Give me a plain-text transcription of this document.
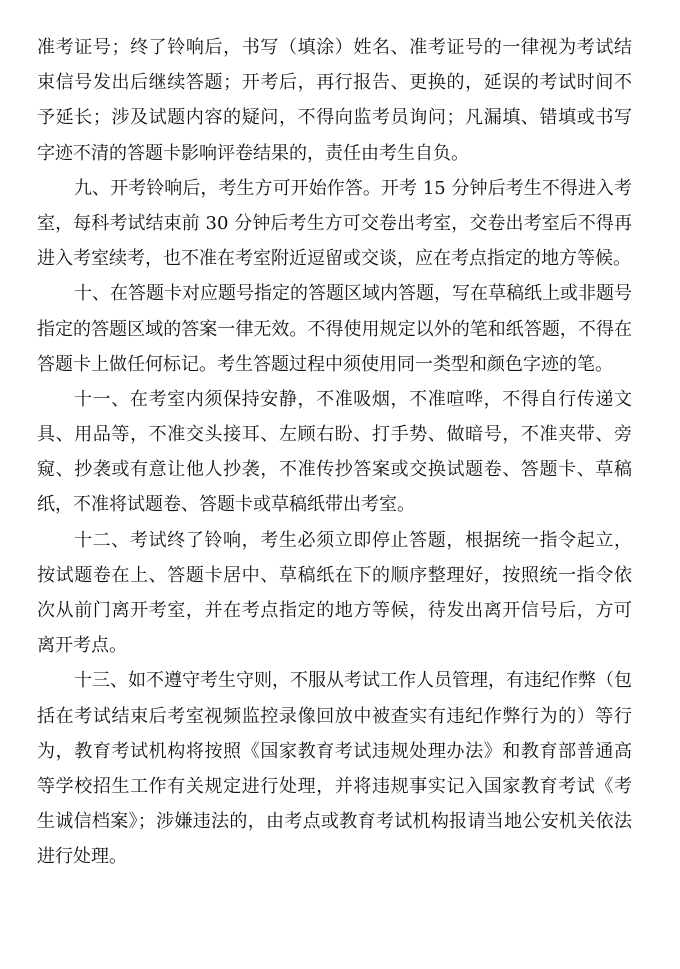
准考证号；终了铃响后，书写（填涂）姓名、准考证号的一律视为考试结
束信号发出后继续答题；开考后，再行报告、更换的，延误的考试时间不
予延长；涉及试题内容的疑问，不得向监考员询问；凡漏填、错填或书写
字迹不清的答题卡影响评卷结果的，责任由考生自负。
九、开考铃响后，考生方可开始作答。开考 15 分钟后考生不得进入考
室，每科考试结束前 30 分钟后考生方可交卷出考室，交卷出考室后不得再
进入考室续考，也不准在考室附近逗留或交谈，应在考点指定的地方等候。
十、在答题卡对应题号指定的答题区域内答题，写在草稿纸上或非题号
指定的答题区域的答案一律无效。不得使用规定以外的笔和纸答题，不得在
答题卡上做任何标记。考生答题过程中须使用同一类型和颜色字迹的笔。
十一、在考室内须保持安静，不准吸烟，不准喧哗，不得自行传递文
具、用品等，不准交头接耳、左顾右盼、打手势、做暗号，不准夹带、旁
窥、抄袭或有意让他人抄袭，不准传抄答案或交换试题卷、答题卡、草稿
纸，不准将试题卷、答题卡或草稿纸带出考室。
十二、考试终了铃响，考生必须立即停止答题，根据统一指令起立，
按试题卷在上、答题卡居中、草稿纸在下的顺序整理好，按照统一指令依
次从前门离开考室，并在考点指定的地方等候，待发出离开信号后，方可
离开考点。
十三、如不遵守考生守则，不服从考试工作人员管理，有违纪作弊（包
括在考试结束后考室视频监控录像回放中被查实有违纪作弊行为的）等行
为，教育考试机构将按照《国家教育考试违规处理办法》和教育部普通高
等学校招生工作有关规定进行处理，并将违规事实记入国家教育考试《考
生诚信档案》；涉嫌违法的，由考点或教育考试机构报请当地公安机关依法
进行处理。
